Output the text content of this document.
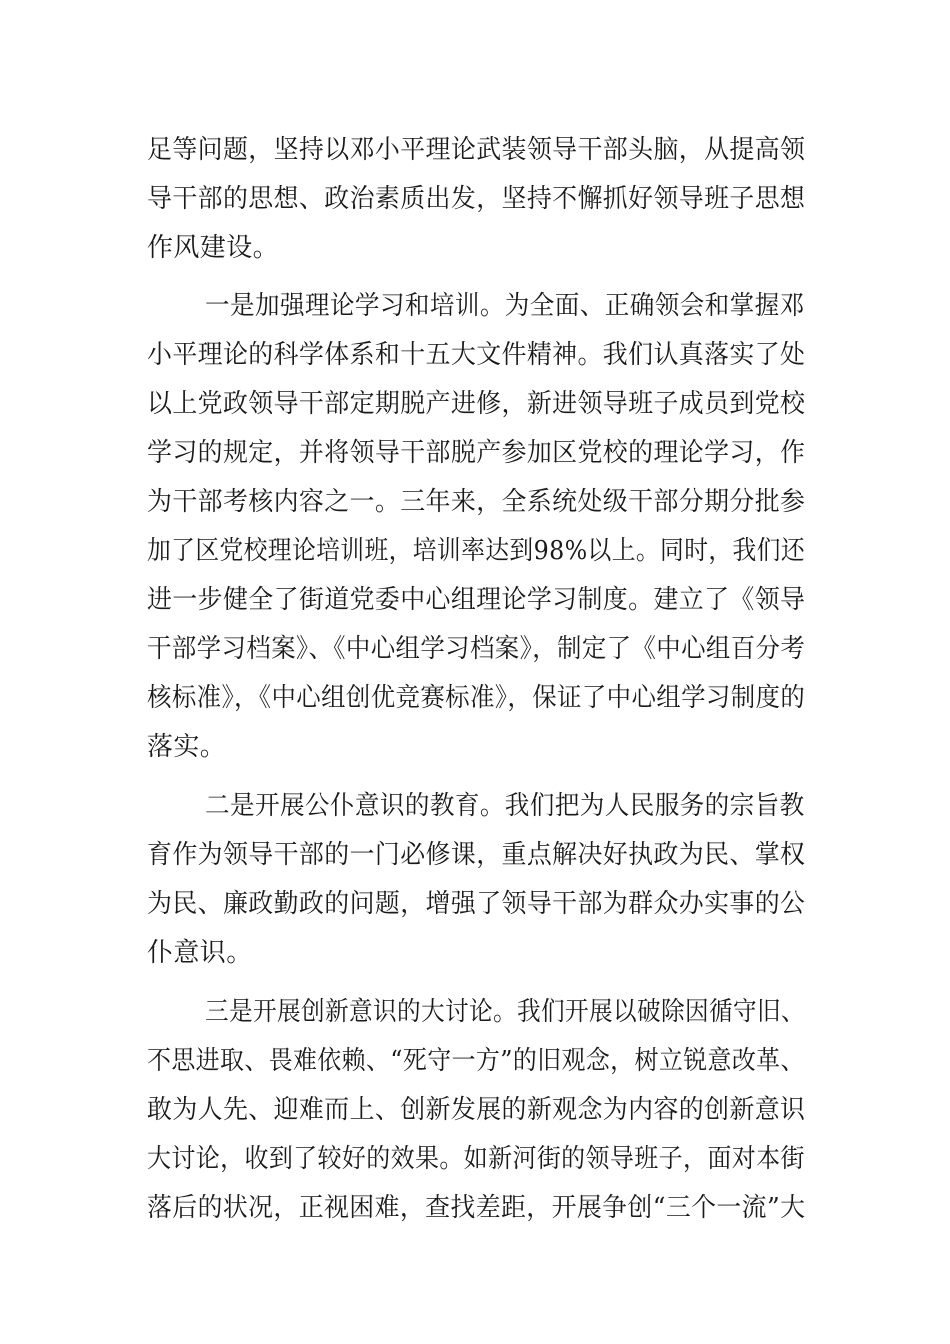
足等问题，坚持以邓小平理论武装领导干部头脑，从提高领
导干部的思想、政治素质出发，坚持不懈抓好领导班子思想
作风建设。
一是加强理论学习和培训。为全面、正确领会和掌握邓
小平理论的科学体系和十五大文件精神。我们认真落实了处
以上党政领导干部定期脱产进修，新进领导班子成员到党校
学习的规定，并将领导干部脱产参加区党校的理论学习，作
为干部考核内容之一。三年来，全系统处级干部分期分批参
加了区党校理论培训班，培训率达到98%以上。同时，我们还
进一步健全了街道党委中心组理论学习制度。建立了《领导
干部学习档案》、《中心组学习档案》，制定了《中心组百分考
核标准》，《中心组创优竞赛标准》，保证了中心组学习制度的
落实。
二是开展公仆意识的教育。我们把为人民服务的宗旨教
育作为领导干部的一门必修课，重点解决好执政为民、掌权
为民、廉政勤政的问题，增强了领导干部为群众办实事的公
仆意识。
三是开展创新意识的大讨论。我们开展以破除因循守旧、
不思进取、畏难依赖、“死守一方”的旧观念，树立锐意改革、
敢为人先、迎难而上、创新发展的新观念为内容的创新意识
大讨论，收到了较好的效果。如新河街的领导班子，面对本街
落后的状况，正视困难，查找差距，开展争创“三个一流”大
